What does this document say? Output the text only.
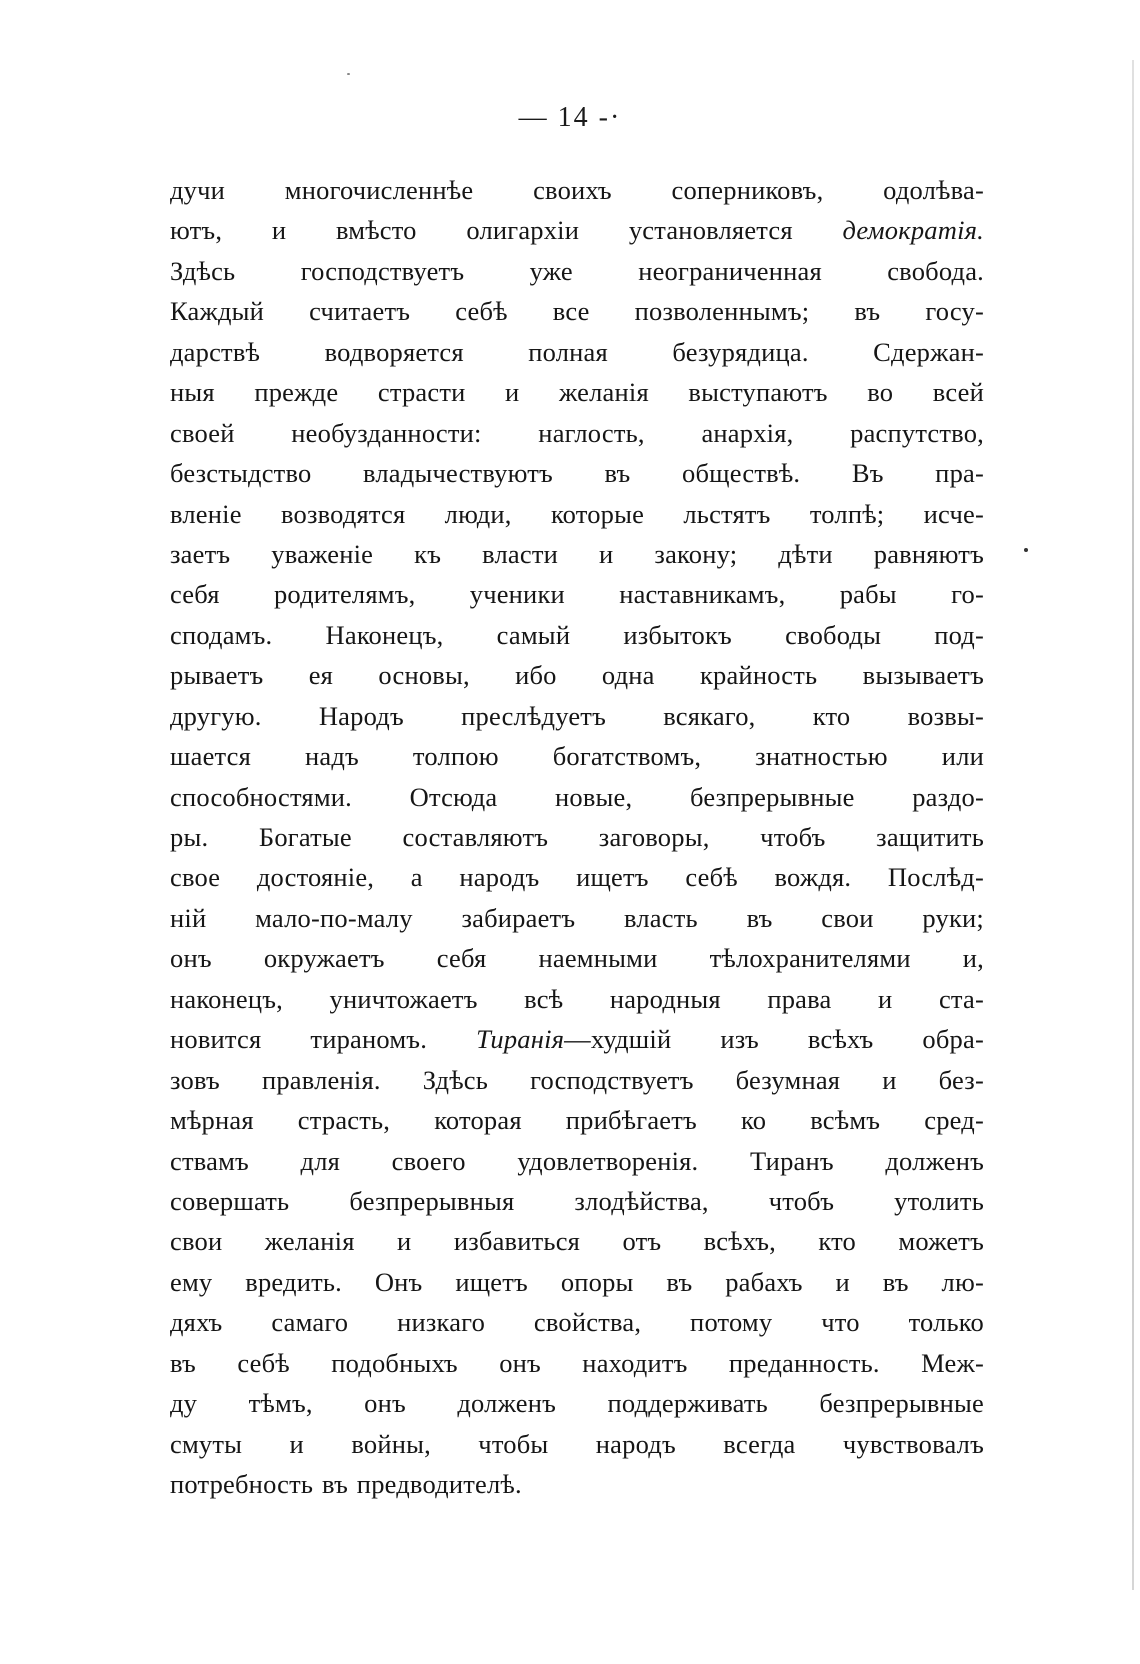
— 14 -·
дучи многочисленнѣе своихъ соперниковъ, одолѣва-
ютъ, и вмѣсто олигархіи установляется демократія.
Здѣсь господствуетъ уже неограниченная свобода.
Каждый считаетъ себѣ все позволеннымъ; въ госу-
дарствѣ водворяется полная безурядица. Сдержан-
ныя прежде страсти и желанія выступаютъ во всей
своей необузданности: наглость, анархія, распутство,
безстыдство владычествуютъ въ обществѣ. Въ пра-
вленіе возводятся люди, которые льстятъ толпѣ; исче-
заетъ уваженіе къ власти и закону; дѣти равняютъ
себя родителямъ, ученики наставникамъ, рабы го-
сподамъ. Наконецъ, самый избытокъ свободы под-
рываетъ ея основы, ибо одна крайность вызываетъ
другую. Народъ преслѣдуетъ всякаго, кто возвы-
шается надъ толпою богатствомъ, знатностью или
способностями. Отсюда новые, безпрерывные раздо-
ры. Богатые составляютъ заговоры, чтобъ защитить
свое достояніе, а народъ ищетъ себѣ вождя. Послѣд-
ній мало-по-малу забираетъ власть въ свои руки;
онъ окружаетъ себя наемными тѣлохранителями и,
наконецъ, уничтожаетъ всѣ народныя права и ста-
новится тираномъ. Тиранія—худшій изъ всѣхъ обра-
зовъ правленія. Здѣсь господствуетъ безумная и без-
мѣрная страсть, которая прибѣгаетъ ко всѣмъ сред-
ствамъ для своего удовлетворенія. Тиранъ долженъ
совершать безпрерывныя злодѣйства, чтобъ утолить
свои желанія и избавиться отъ всѣхъ, кто можетъ
ему вредить. Онъ ищетъ опоры въ рабахъ и въ лю-
дяхъ самаго низкаго свойства, потому что только
въ себѣ подобныхъ онъ находитъ преданность. Меж-
ду тѣмъ, онъ долженъ поддерживать безпрерывные
смуты и войны, чтобы народъ всегда чувствовалъ
потребность въ предводителѣ.
